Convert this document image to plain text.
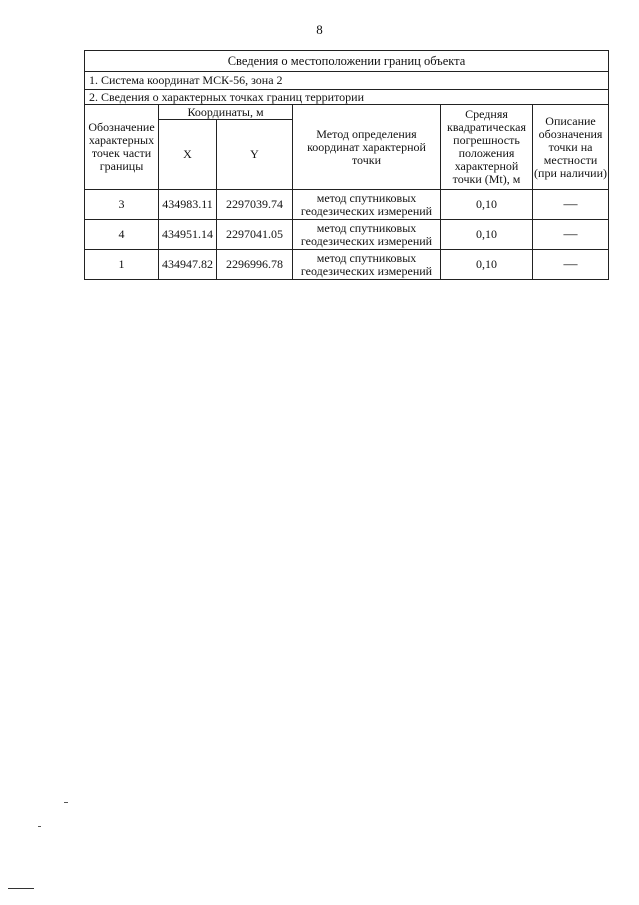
8
Сведения о местоположении границ объекта					
1. Система координат МСК-56, зона 2					
2. Сведения о характерных точках границ территории					
Обозначение характерных точек части границы	Координаты, м		Метод определения координат характерной точки	Средняя квадратическая погрешность положения характерной точки (Mt), м	Описание обозначения точки на местности (при наличии)
	X	Y			
3	434983.11	2297039.74	метод спутниковых геодезических измерений	0,10	—
4	434951.14	2297041.05	метод спутниковых геодезических измерений	0,10	—
1	434947.82	2296996.78	метод спутниковых геодезических измерений	0,10	—
